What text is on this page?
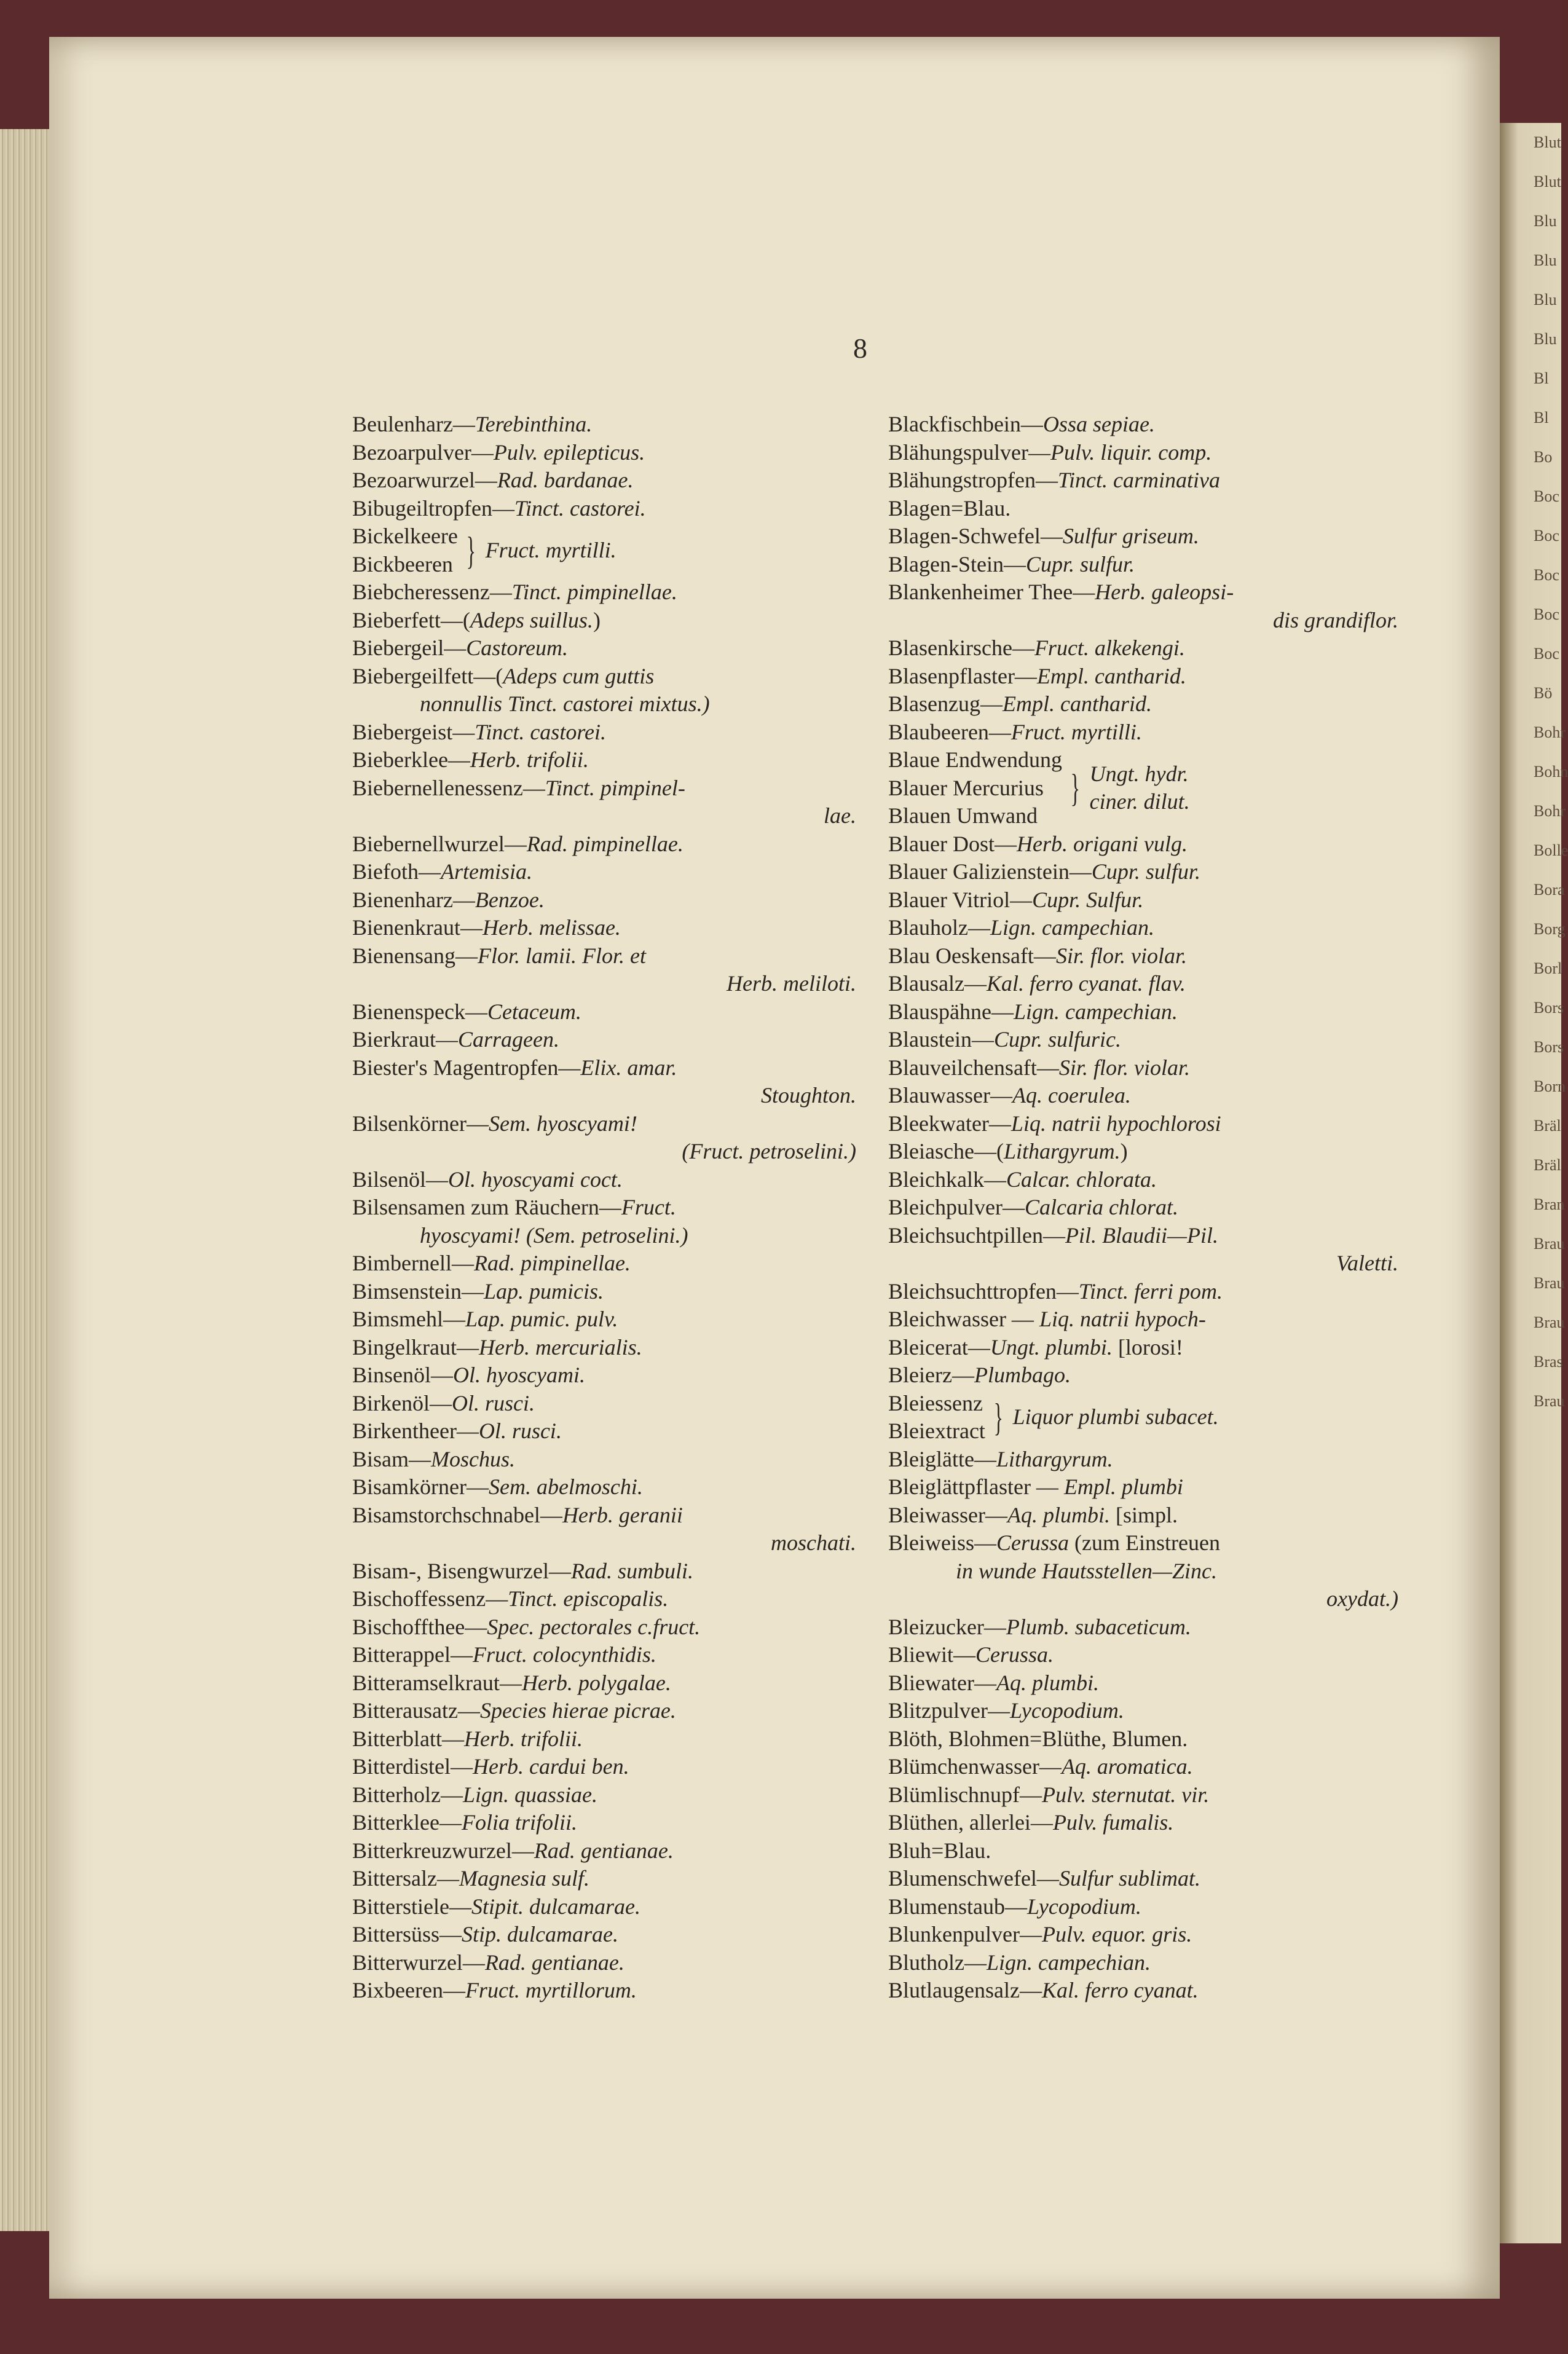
Blut
Blut
Blu
Blu
Blu
Blu
Bl
Bl
Bo
Boc
Boc
Boc
Boc
Boc
Bö
Bohr
Bohn
Bohr
Bolle
Bora
Borg
Borl
Bors
Bors
Born
Bräl
Bräl
Bran
Brau
Brau
Brau
Bras
Brau
8
Beulenharz—Terebinthina.
Bezoarpulver—Pulv. epilepticus.
Bezoarwurzel—Rad. bardanae.
Bibugeiltropfen—Tinct. castorei.
Bickelkeere
Bickbeeren } Fruct. myrtilli.
Biebcheressenz—Tinct. pimpinellae.
Bieberfett—(Adeps suillus.)
Biebergeil—Castoreum.
Biebergeilfett—(Adeps cum guttis
nonnullis Tinct. castorei mixtus.)
Biebergeist—Tinct. castorei.
Bieberklee—Herb. trifolii.
Biebernellenessenz—Tinct. pimpinel-
lae.
Biebernellwurzel—Rad. pimpinellae.
Biefoth—Artemisia.
Bienenharz—Benzoe.
Bienenkraut—Herb. melissae.
Bienensang—Flor. lamii. Flor. et
Herb. meliloti.
Bienenspeck—Cetaceum.
Bierkraut—Carrageen.
Biester's Magentropfen—Elix. amar.
Stoughton.
Bilsenkörner—Sem. hyoscyami!
(Fruct. petroselini.)
Bilsenöl—Ol. hyoscyami coct.
Bilsensamen zum Räuchern—Fruct.
hyoscyami! (Sem. petroselini.)
Bimbernell—Rad. pimpinellae.
Bimsenstein—Lap. pumicis.
Bimsmehl—Lap. pumic. pulv.
Bingelkraut—Herb. mercurialis.
Binsenöl—Ol. hyoscyami.
Birkenöl—Ol. rusci.
Birkentheer—Ol. rusci.
Bisam—Moschus.
Bisamkörner—Sem. abelmoschi.
Bisamstorchschnabel—Herb. geranii
moschati.
Bisam-, Bisengwurzel—Rad. sumbuli.
Bischoffessenz—Tinct. episcopalis.
Bischoffthee—Spec. pectorales c.fruct.
Bitterappel—Fruct. colocynthidis.
Bitteramselkraut—Herb. polygalae.
Bitterausatz—Species hierae picrae.
Bitterblatt—Herb. trifolii.
Bitterdistel—Herb. cardui ben.
Bitterholz—Lign. quassiae.
Bitterklee—Folia trifolii.
Bitterkreuzwurzel—Rad. gentianae.
Bittersalz—Magnesia sulf.
Bitterstiele—Stipit. dulcamarae.
Bittersüss—Stip. dulcamarae.
Bitterwurzel—Rad. gentianae.
Bixbeeren—Fruct. myrtillorum.
Blackfischbein—Ossa sepiae.
Blähungspulver—Pulv. liquir. comp.
Blähungstropfen—Tinct. carminativa
Blagen=Blau.
Blagen-Schwefel—Sulfur griseum.
Blagen-Stein—Cupr. sulfur.
Blankenheimer Thee—Herb. galeopsi-
dis grandiflor.
Blasenkirsche—Fruct. alkekengi.
Blasenpflaster—Empl. cantharid.
Blasenzug—Empl. cantharid.
Blaubeeren—Fruct. myrtilli.
Blaue Endwendung
Blauer Mercurius
Blauen Umwand
} Ungt. hydr.
ciner. dilut.
Blauer Dost—Herb. origani vulg.
Blauer Galizienstein—Cupr. sulfur.
Blauer Vitriol—Cupr. Sulfur.
Blauholz—Lign. campechian.
Blau Oeskensaft—Sir. flor. violar.
Blausalz—Kal. ferro cyanat. flav.
Blauspähne—Lign. campechian.
Blaustein—Cupr. sulfuric.
Blauveilchensaft—Sir. flor. violar.
Blauwasser—Aq. coerulea.
Bleekwater—Liq. natrii hypochlorosi
Bleiasche—(Lithargyrum.)
Bleichkalk—Calcar. chlorata.
Bleichpulver—Calcaria chlorat.
Bleichsuchtpillen—Pil. Blaudii—Pil.
Valetti.
Bleichsuchttropfen—Tinct. ferri pom.
Bleichwasser — Liq. natrii hypoch-
Bleicerat—Ungt. plumbi. [lorosi!
Bleierz—Plumbago.
Bleiessenz
Bleiextract } Liquor plumbi subacet.
Bleiglätte—Lithargyrum.
Bleiglättpflaster — Empl. plumbi
Bleiwasser—Aq. plumbi. [simpl.
Bleiweiss—Cerussa (zum Einstreuen
in wunde Hautsstellen—Zinc.
oxydat.)
Bleizucker—Plumb. subaceticum.
Bliewit—Cerussa.
Bliewater—Aq. plumbi.
Blitzpulver—Lycopodium.
Blöth, Blohmen=Blüthe, Blumen.
Blümchenwasser—Aq. aromatica.
Blümlischnupf—Pulv. sternutat. vir.
Blüthen, allerlei—Pulv. fumalis.
Bluh=Blau.
Blumenschwefel—Sulfur sublimat.
Blumenstaub—Lycopodium.
Blunkenpulver—Pulv. equor. gris.
Blutholz—Lign. campechian.
Blutlaugensalz—Kal. ferro cyanat.
